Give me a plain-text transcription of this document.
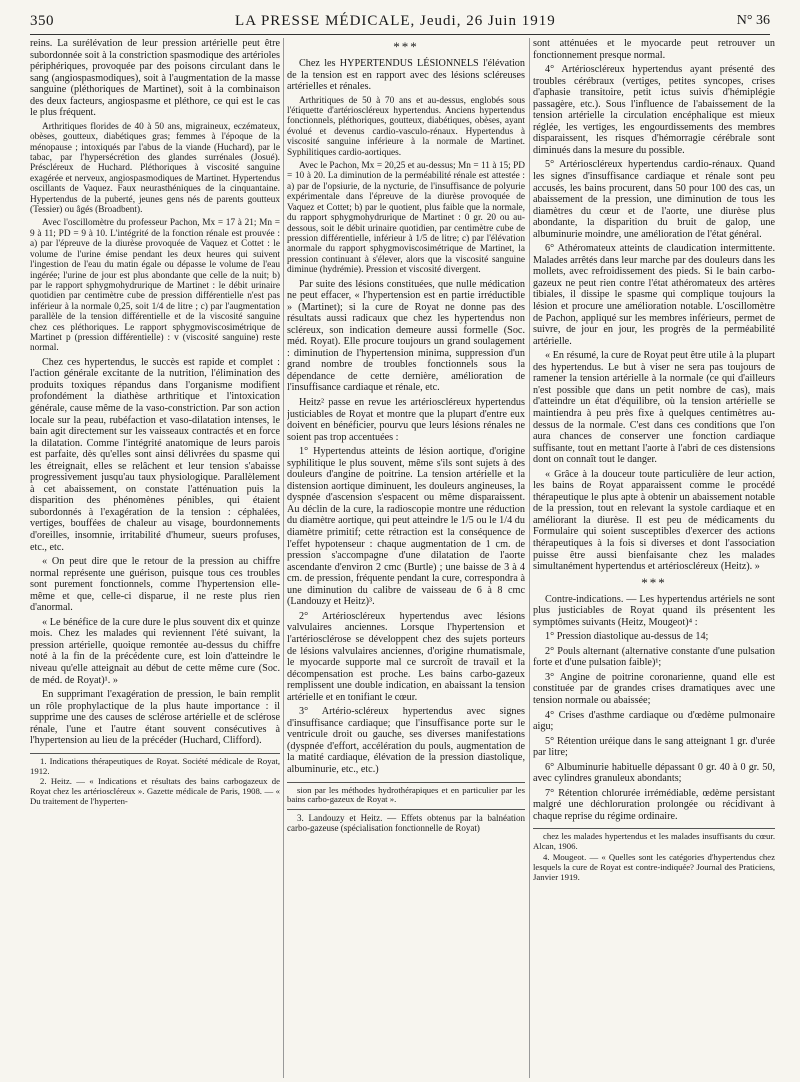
350	LA PRESSE MÉDICALE, Jeudi, 26 Juin 1919	N° 36

reins. La surélévation de leur pression artérielle peut être subordonnée soit à la constriction spasmodique des artérioles périphériques, provoquée par des poisons circulant dans le sang (angiospasmodiques), soit à l'augmentation de la masse sanguine (pléthoriques de Martinet), soit à la combinaison des deux facteurs, angiospasme et pléthore, ce qui est le cas le plus fréquent.

Arthritiques florides de 40 à 50 ans, migraineux, eczémateux, obèses, goutteux, diabétiques gras; femmes à l'époque de la ménopause ; intoxiqués par l'abus de la viande (Huchard), par le tabac, par l'hypersécrétion des glandes surrénales (Josué). Préscléreux de Huchard. Pléthoriques à viscosité sanguine exagérée et nerveux, angiospasmodiques de Martinet. Hypertendus oscillants de Vaquez. Faux neurasthéniques de la cinquantaine. Hypertendus de la puberté, jeunes gens nés de parents goutteux (Tessier) ou âgés (Broadbent).

Avec l'oscillomètre du professeur Pachon, Mx = 17 à 21; Mn = 9 à 11; PD = 9 à 10. L'intégrité de la fonction rénale est prouvée : a) par l'épreuve de la diurèse provoquée de Vaquez et Cottet : le volume de l'urine émise pendant les deux heures qui suivent l'ingestion de l'eau du matin égale ou dépasse le volume de l'eau ingérée; l'urine de jour est plus abondante que celle de la nuit; b) par le rapport sphygmohydrurique de Martinet : le débit urinaire quotidien par centimètre cube de pression différentielle n'est pas inférieur à la normale 0,25, soit 1/4 de litre ; c) par l'augmentation parallèle de la tension différentielle et de la viscosité sanguine chez ces pléthoriques. Le rapport sphygmoviscosimétrique de Martinet p (pression différentielle) : v (viscosité sanguine) reste normal.

Chez ces hypertendus, le succès est rapide et complet : l'action générale excitante de la nutrition, l'élimination des produits toxiques répandus dans l'organisme modifient profondément la diathèse arthritique et l'intoxication générale, cause même de la vaso-constriction. Par son action locale sur la peau, rubéfaction et vaso-dilatation intenses, le bain agit directement sur les vaisseaux contractés et en force la dilatation. Comme l'intégrité anatomique de leurs parois est parfaite, dès qu'elles sont ainsi délivrées du spasme qui les étreignait, elles se relâchent et leur tension s'abaisse progressivement jusqu'au taux physiologique. Parallèlement à cet abaissement, on constate l'atténuation puis la disparition des phénomènes pénibles, qui étaient subordonnés à l'exagération de la tension : céphalées, vertiges, bouffées de chaleur au visage, bourdonnements d'oreilles, insomnie, irritabilité d'humeur, sueurs profuses, etc., etc.

« On peut dire que le retour de la pression au chiffre normal représente une guérison, puisque tous ces troubles sont purement fonctionnels, comme l'hypertension elle-même et que, celle-ci disparue, il ne reste plus rien d'anormal.

« Le bénéfice de la cure dure le plus souvent dix et quinze mois. Chez les malades qui reviennent l'été suivant, la pression artérielle, quoique remontée au-dessus du chiffre noté à la fin de la précédente cure, est loin d'atteindre le niveau qu'elle atteignait au début de cette même cure (Soc. de méd. de Royat)¹. »

En supprimant l'exagération de pression, le bain remplit un rôle prophylactique de la plus haute importance : il supprime une des causes de sclérose artérielle et de sclérose rénale, l'une et l'autre étant souvent consécutives à l'hypertension au lieu de la précéder (Huchard, Clifford).

1. Indications thérapeutiques de Royat. Société médicale de Royat, 1912.

2. Heitz. — « Indications et résultats des bains carbogazeux de Royat chez les artérioscléreux ». Gazette médicale de Paris, 1908. — « Du traitement de l'hyperten-

***

Chez les HYPERTENDUS LÉSIONNELS l'élévation de la tension est en rapport avec des lésions scléreuses artérielles et rénales.

Arthritiques de 50 à 70 ans et au-dessus, englobés sous l'étiquette d'artérioscléreux hypertendus. Anciens hypertendus fonctionnels, pléthoriques, goutteux, diabétiques, obèses, ayant évolué et devenus cardio-vasculo-rénaux. Hypertendus à viscosité sanguine inférieure à la normale de Martinet. Syphilitiques cardio-aortiques.

Avec le Pachon, Mx = 20,25 et au-dessus; Mn = 11 à 15; PD = 10 à 20. La diminution de la perméabilité rénale est attestée : a) par de l'opsiurie, de la nycturie, de l'insuffisance de polyurie expérimentale dans l'épreuve de la diurèse provoquée de Vaquez et Cottet; b) par le quotient, plus faible que la normale, du rapport sphygmohydrurique de Martinet : 0 gr. 20 ou au-dessous, soit le débit urinaire quotidien, par centimètre cube de pression différentielle, inférieur à 1/5 de litre; c) par l'élévation anormale du rapport sphygmoviscosimétrique de Martinet, la pression continuant à s'élever, alors que la viscosité sanguine diminue (hydrémie). Pression et viscosité divergent.

Par suite des lésions constituées, que nulle médication ne peut effacer, « l'hypertension est en partie irréductible » (Martinet); si la cure de Royat ne donne pas des résultats aussi radicaux que chez les hypertendus non scléreux, son indication demeure aussi formelle (Soc. méd. Royat). Elle procure toujours un grand soulagement : diminution de l'hypertension minima, suppression d'un grand nombre de troubles fonctionnels sous la dépendance de cette dernière, amélioration de l'insuffisance cardiaque et rénale, etc.

Heitz² passe en revue les artérioscléreux hypertendus justiciables de Royat et montre que la plupart d'entre eux doivent en bénéficier, pourvu que leurs lésions rénales ne soient pas trop accentuées :

1° Hypertendus atteints de lésion aortique, d'origine syphilitique le plus souvent, même s'ils sont sujets à des douleurs d'angine de poitrine. La tension artérielle et la distension aortique diminuent, les douleurs angineuses, la dyspnée d'ascension s'espacent ou même disparaissent. Au déclin de la cure, la radioscopie montre une réduction du diamètre aortique, qui peut atteindre le 1/5 ou le 1/4 du diamètre primitif; cette rétraction est la conséquence de l'effet hypotenseur : chaque augmentation de 1 cm. de pression s'accompagne d'une dilatation de l'aorte ascendante d'environ 2 cmc (Burtle) ; une baisse de 3 à 4 cm. de pression, fréquente pendant la cure, correspondra à une diminution du calibre de vaisseau de 6 à 8 cmc (Landouzy et Heitz)³.

2° Artérioscléreux hypertendus avec lésions valvulaires anciennes. Lorsque l'hypertension et l'artériosclérose se développent chez des sujets porteurs de lésions valvulaires anciennes, d'origine rhumatismale, le myocarde supporte mal ce surcroît de travail et la décompensation est proche. Les bains carbo-gazeux remplissent une double indication, en abaissant la tension artérielle et en tonifiant le cœur.

3° Artério-scléreux hypertendus avec signes d'insuffisance cardiaque; que l'insuffisance porte sur le ventricule droit ou gauche, ses diverses manifestations (dyspnée d'effort, accélération du pouls, augmentation de la matité cardiaque, élévation de la pression diastolique, albuminurie, etc., etc.)

sion par les méthodes hydrothérapiques et en particulier par les bains carbo-gazeux de Royat ».

3. Landouzy et Heitz. — Effets obtenus par la balnéation carbo-gazeuse (spécialisation fonctionnelle de Royat)

sont atténuées et le myocarde peut retrouver un fonctionnement presque normal.

4° Artérioscléreux hypertendus ayant présenté des troubles cérébraux (vertiges, petites syncopes, crises d'aphasie transitoire, petit ictus suivis d'hémiplégie passagère, etc.). Sous l'influence de l'abaissement de la tension artérielle la circulation encéphalique est mieux réglée, les vertiges, les engourdissements des membres disparaissent, les risques d'hémorragie cérébrale sont diminués dans la mesure du possible.

5° Artérioscléreux hypertendus cardio-rénaux. Quand les signes d'insuffisance cardiaque et rénale sont peu accusés, les bains procurent, dans 50 pour 100 des cas, un abaissement de la pression, une diminution de tous les diamètres du cœur et de l'aorte, une diurèse plus abondante, la disparition du bruit de galop, une albuminurie moindre, une amélioration de l'état général.

6° Athéromateux atteints de claudication intermittente. Malades arrêtés dans leur marche par des douleurs dans les mollets, avec refroidissement des pieds. Si le bain carbo-gazeux ne peut rien contre l'état athéromateux des artères tibiales, il dissipe le spasme qui complique toujours la lésion et procure une amélioration notable. L'oscillomètre de Pachon, appliqué sur les membres inférieurs, permet de suivre, de jour en jour, les progrès de la perméabilité artérielle.

« En résumé, la cure de Royat peut être utile à la plupart des hypertendus. Le but à viser ne sera pas toujours de ramener la tension artérielle à la normale (ce qui d'ailleurs n'est possible que dans un petit nombre de cas), mais d'atteindre un état d'équilibre, où la tension artérielle se maintiendra à peu près fixe à quelques centimètres au-dessus de la normale. C'est dans ces conditions que l'on aura chances de conserver une fonction cardiaque suffisante, tout en mettant l'aorte à l'abri de ces distensions dont on connaît tout le danger.

« Grâce à la douceur toute particulière de leur action, les bains de Royat apparaissent comme le procédé thérapeutique le plus apte à obtenir un abaissement notable de la pression, tout en relevant la systole cardiaque et en améliorant la diurèse. Il est peu de médicaments du Formulaire qui soient susceptibles d'exercer des actions thérapeutiques à la fois si diverses et dont l'association puisse être aussi bienfaisante chez les malades simultanément hypertendus et artérioscléreux (Heitz). »

***

Contre-indications. — Les hypertendus artériels ne sont plus justiciables de Royat quand ils présentent les symptômes suivants (Heitz, Mougeot)⁴ :

1° Pression diastolique au-dessus de 14;

2° Pouls alternant (alternative constante d'une pulsation forte et d'une pulsation faible)¹;

3° Angine de poitrine coronarienne, quand elle est constituée par de grandes crises dramatiques avec une tension normale ou abaissée;

4° Crises d'asthme cardiaque ou d'œdème pulmonaire aigu;

5° Rétention uréique dans le sang atteignant 1 gr. d'urée par litre;

6° Albuminurie habituelle dépassant 0 gr. 40 à 0 gr. 50, avec cylindres granuleux abondants;

7° Rétention chlorurée irrémédiable, œdème persistant malgré une déchloruration prolongée ou récidivant à chaque reprise du régime ordinaire.

chez les malades hypertendus et les malades insuffisants du cœur. Alcan, 1906.

4. Mougeot. — « Quelles sont les catégories d'hypertendus chez lesquels la cure de Royat est contre-indiquée? Journal des Praticiens, Janvier 1919.
